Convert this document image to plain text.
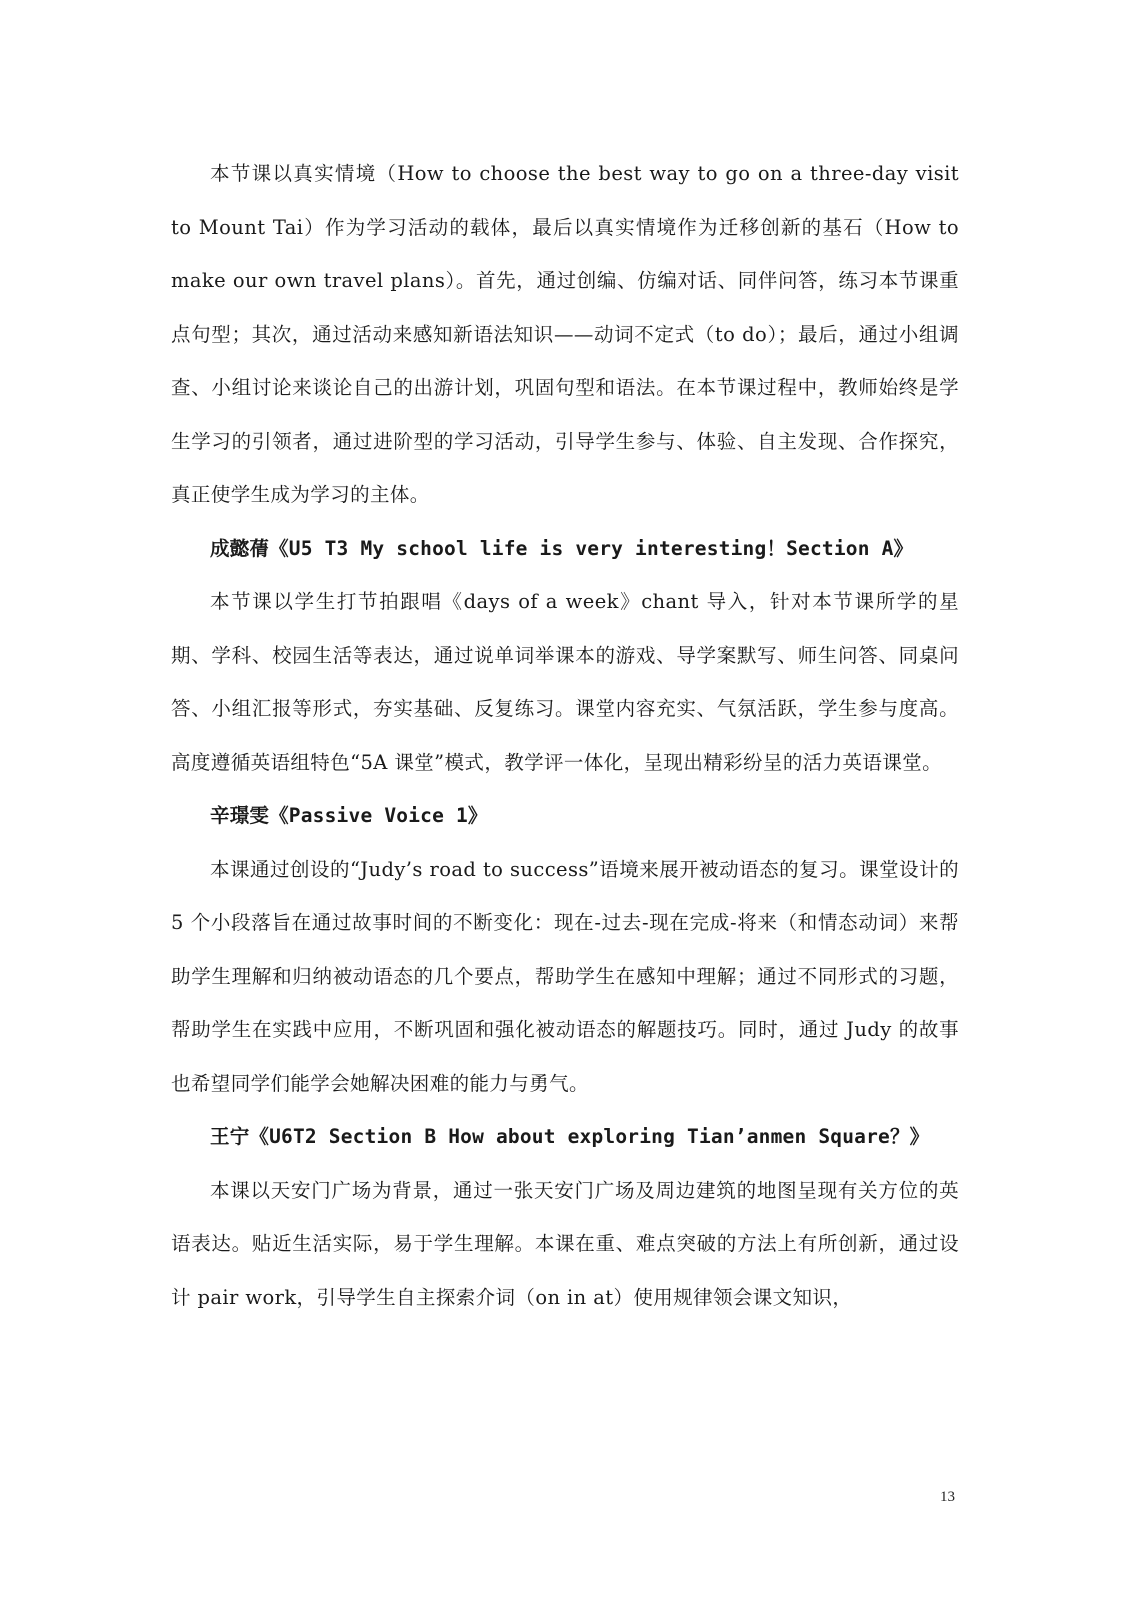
本节课以真实情境（How to choose the best way to go on a three-day visit to Mount Tai）作为学习活动的载体，最后以真实情境作为迁移创新的基石（How to make our own travel plans）。首先，通过创编、仿编对话、同伴问答，练习本节课重点句型；其次，通过活动来感知新语法知识——动词不定式（to do）；最后，通过小组调查、小组讨论来谈论自己的出游计划，巩固句型和语法。在本节课过程中，教师始终是学生学习的引领者，通过进阶型的学习活动，引导学生参与、体验、自主发现、合作探究，真正使学生成为学习的主体。

成懿蒨《U5 T3 My school life is very interesting！Section A》

本节课以学生打节拍跟唱《days of a week》chant 导入，针对本节课所学的星期、学科、校园生活等表达，通过说单词举课本的游戏、导学案默写、师生问答、同桌问答、小组汇报等形式，夯实基础、反复练习。课堂内容充实、气氛活跃，学生参与度高。高度遵循英语组特色“5A 课堂”模式，教学评一体化，呈现出精彩纷呈的活力英语课堂。

辛璟雯《Passive Voice 1》

本课通过创设的“Judy’s road to success”语境来展开被动语态的复习。课堂设计的 5 个小段落旨在通过故事时间的不断变化：现在-过去-现在完成-将来（和情态动词）来帮助学生理解和归纳被动语态的几个要点，帮助学生在感知中理解；通过不同形式的习题，帮助学生在实践中应用，不断巩固和强化被动语态的解题技巧。同时，通过 Judy 的故事也希望同学们能学会她解决困难的能力与勇气。

王宁《U6T2 Section B How about exploring Tian’anmen Square？》

本课以天安门广场为背景，通过一张天安门广场及周边建筑的地图呈现有关方位的英语表达。贴近生活实际，易于学生理解。本课在重、难点突破的方法上有所创新，通过设计 pair work，引导学生自主探索介词（on in at）使用规律领会课文知识，

13
